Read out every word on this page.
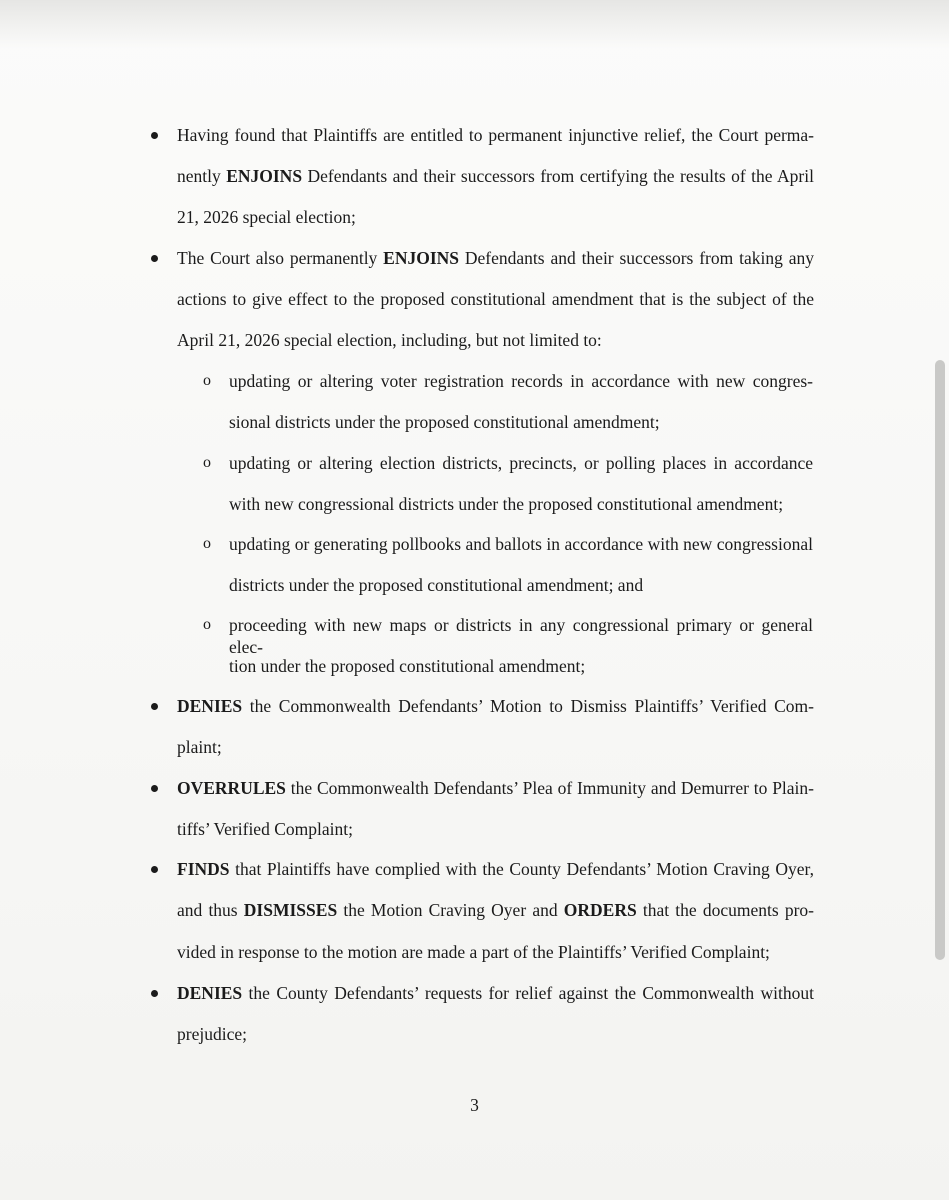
Having found that Plaintiffs are entitled to permanent injunctive relief, the Court perma-
nently ENJOINS Defendants and their successors from certifying the results of the April
21, 2026 special election;
The Court also permanently ENJOINS Defendants and their successors from taking any
actions to give effect to the proposed constitutional amendment that is the subject of the
April 21, 2026 special election, including, but not limited to:
o updating or altering voter registration records in accordance with new congres-
sional districts under the proposed constitutional amendment;
o updating or altering election districts, precincts, or polling places in accordance
with new congressional districts under the proposed constitutional amendment;
o updating or generating pollbooks and ballots in accordance with new congressional
districts under the proposed constitutional amendment; and
o proceeding with new maps or districts in any congressional primary or general elec-
tion under the proposed constitutional amendment;
DENIES the Commonwealth Defendants’ Motion to Dismiss Plaintiffs’ Verified Com-
plaint;
OVERRULES the Commonwealth Defendants’ Plea of Immunity and Demurrer to Plain-
tiffs’ Verified Complaint;
FINDS that Plaintiffs have complied with the County Defendants’ Motion Craving Oyer,
and thus DISMISSES the Motion Craving Oyer and ORDERS that the documents pro-
vided in response to the motion are made a part of the Plaintiffs’ Verified Complaint;
DENIES the County Defendants’ requests for relief against the Commonwealth without
prejudice;
3
